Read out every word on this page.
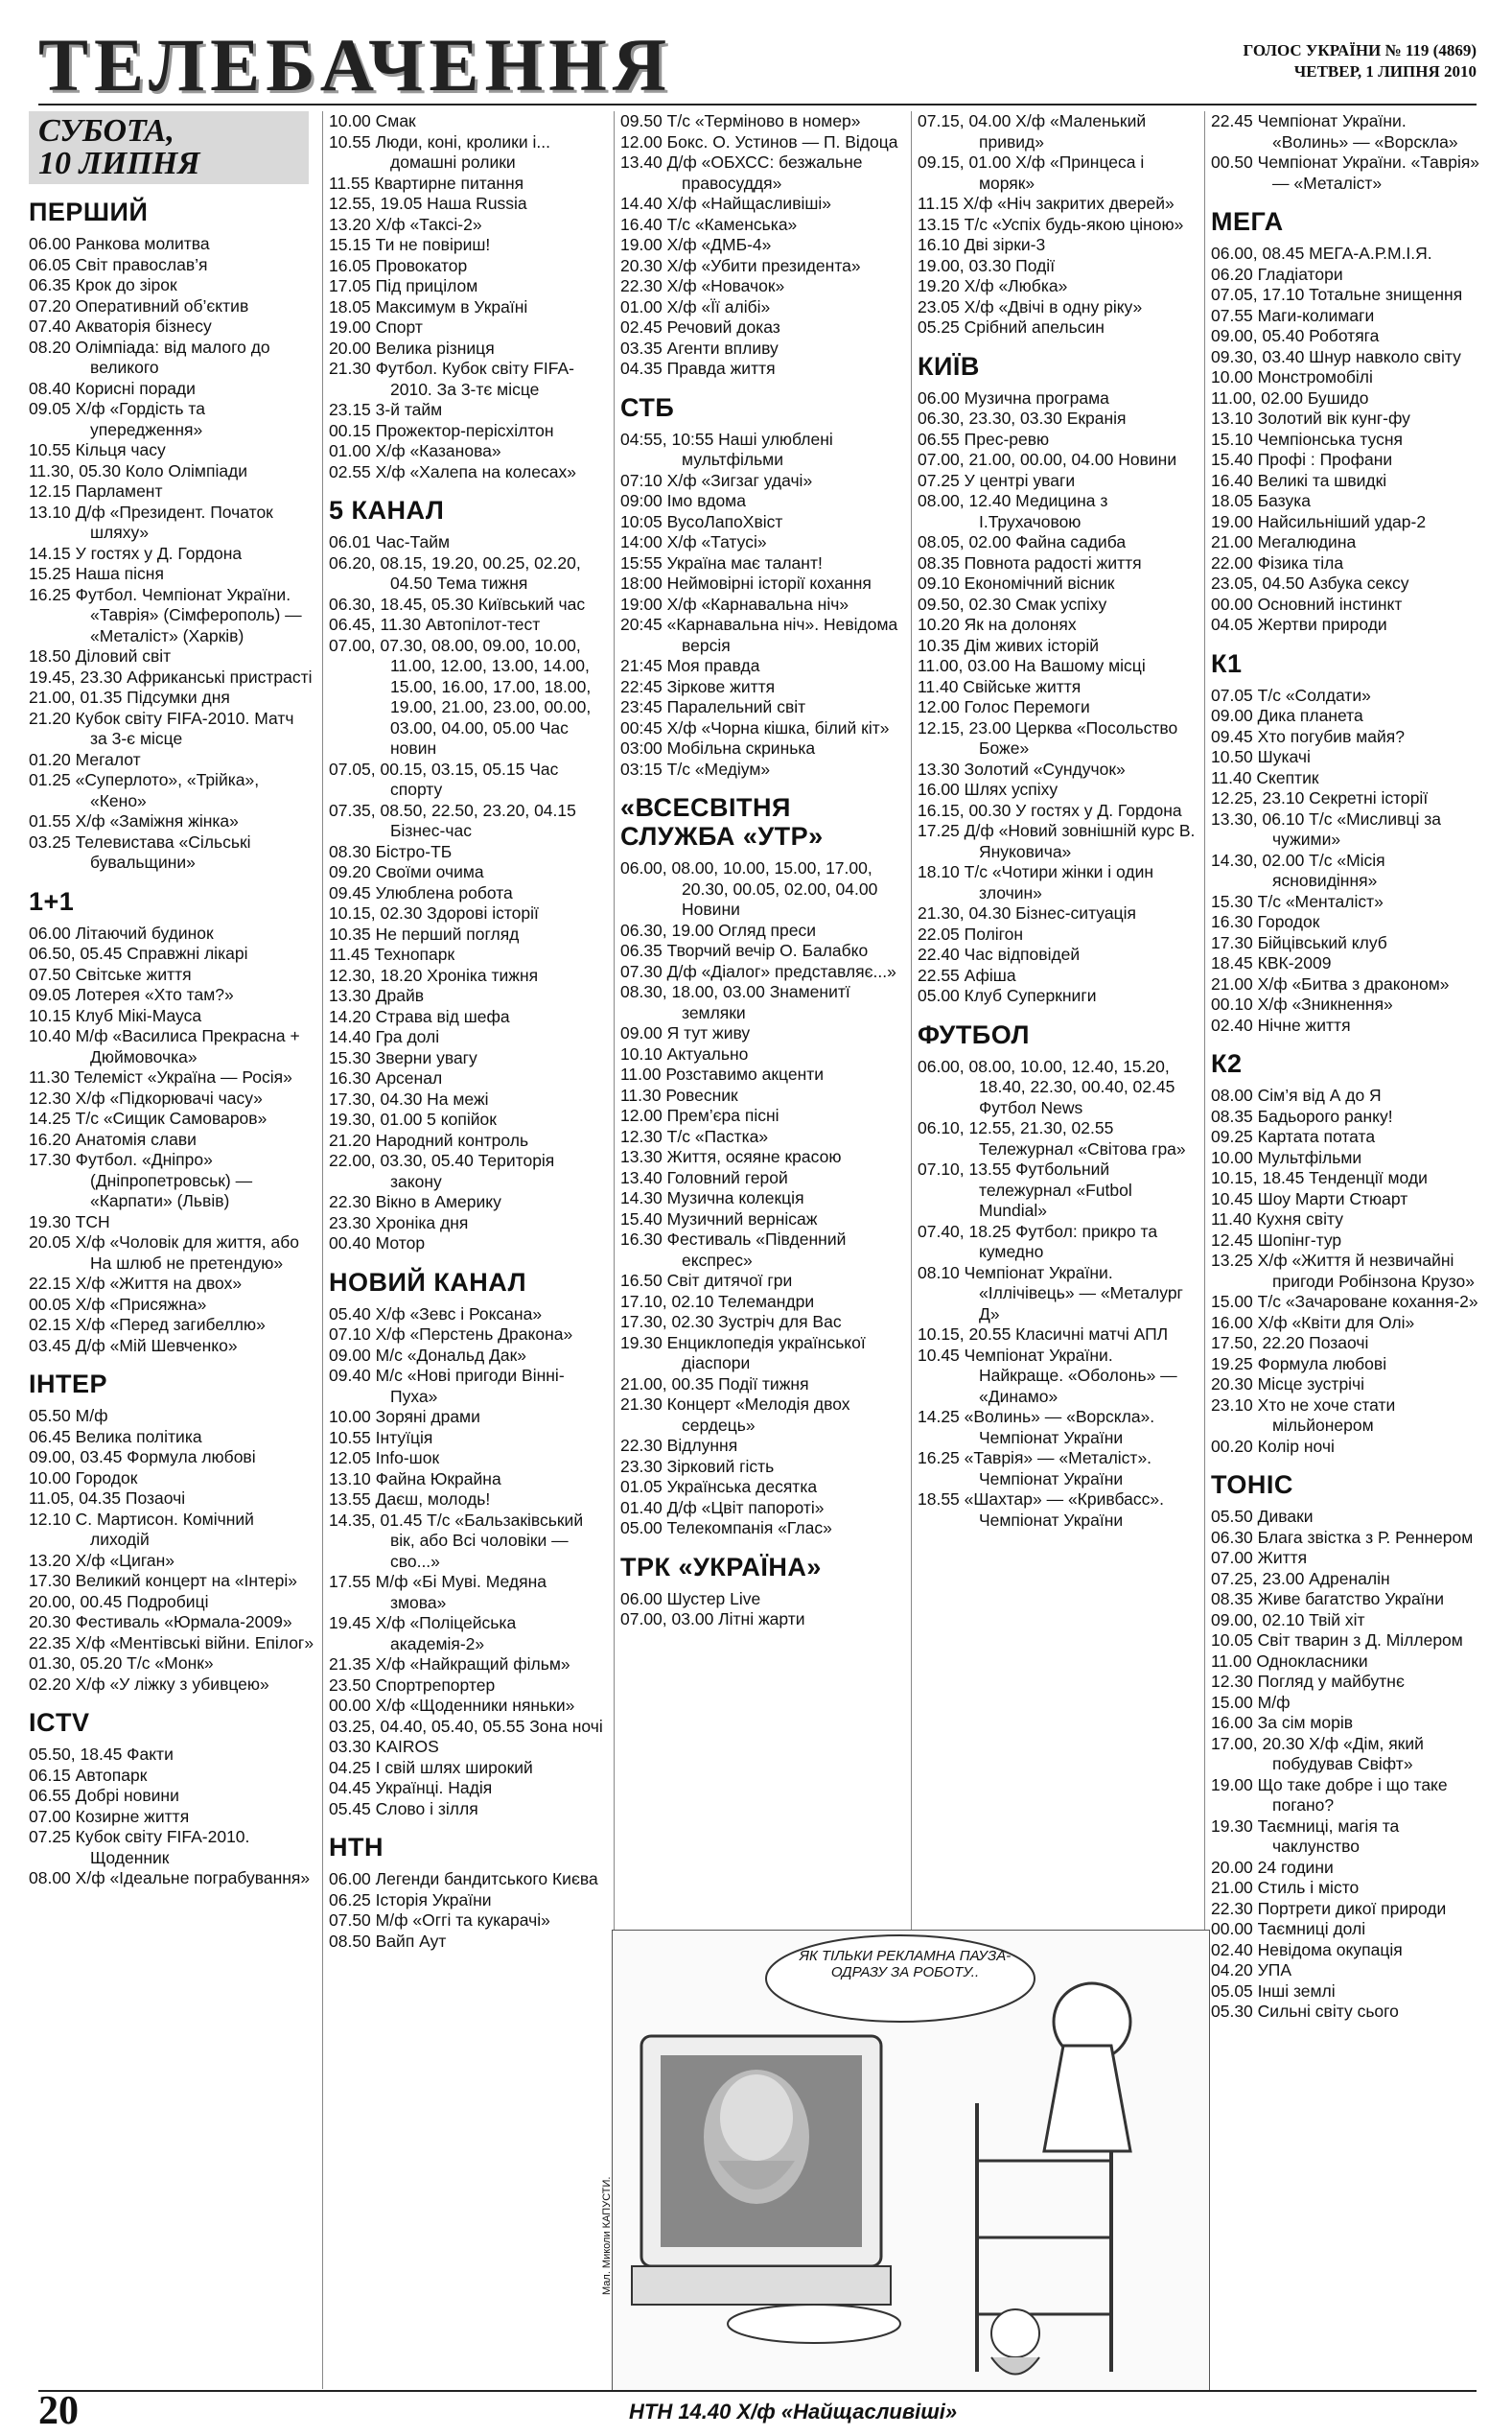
ТЕЛЕБАЧЕННЯ	ГОЛОС УКРАЇНИ № 119 (4869)
ЧЕТВЕР, 1 ЛИПНЯ 2010
СУБОТА,
10 ЛИПНЯ
ПЕРШИЙ
06.00 Ранкова молитва
06.05 Світ православ’я
06.35 Крок до зірок
07.20 Оперативний об’єктив
07.40 Акваторія бізнесу
08.20 Олімпіада: від малого до великого
08.40 Корисні поради
09.05 Х/ф «Гордість та упередження»
10.55 Кільця часу
11.30, 05.30 Коло Олімпіади
12.15 Парламент
13.10 Д/ф «Президент. Початок шляху»
14.15 У гостях у Д. Гордона
15.25 Наша пісня
16.25 Футбол. Чемпіонат України. «Таврія» (Сімферополь) — «Металіст» (Харків)
18.50 Діловий світ
19.45, 23.30 Африканські пристрасті
21.00, 01.35 Підсумки дня
21.20 Кубок світу FIFA-2010. Матч за 3-є місце
01.20 Мегалот
01.25 «Суперлото», «Трійка», «Кено»
01.55 Х/ф «Заміжня жінка»
03.25 Телевистава «Сільські бувальщини»
1+1
06.00 Літаючий будинок
06.50, 05.45 Справжні лікарі
07.50 Світське життя
09.05 Лотерея «Хто там?»
10.15 Клуб Мікі-Мауса
10.40 М/ф «Василиса Прекрасна + Дюймовочка»
11.30 Телеміст «Україна — Росія»
12.30 Х/ф «Підкорювачі часу»
14.25 Т/с «Сищик Самоваров»
16.20 Анатомія слави
17.30 Футбол. «Дніпро» (Дніпропетровськ) — «Карпати» (Львів)
19.30 ТСН
20.05 Х/ф «Чоловік для життя, або На шлюб не претендую»
22.15 Х/ф «Життя на двох»
00.05 Х/ф «Присяжна»
02.15 Х/ф «Перед загибеллю»
03.45 Д/ф «Мій Шевченко»
ІНТЕР
05.50 М/ф
06.45 Велика політика
09.00, 03.45 Формула любові
10.00 Городок
11.05, 04.35 Позаочі
12.10 С. Мартисон. Комічний лиходій
13.20 Х/ф «Циган»
17.30 Великий концерт на «Інтері»
20.00, 00.45 Подробиці
20.30 Фестиваль «Юрмала-2009»
22.35 Х/ф «Ментівські війни. Епілог»
01.30, 05.20 Т/с «Монк»
02.20 Х/ф «У ліжку з убивцею»
ICTV
05.50, 18.45 Факти
06.15 Автопарк
06.55 Добрі новини
07.00 Козирне життя
07.25 Кубок світу FIFA-2010. Щоденник
08.00 Х/ф «Ідеальне пограбування»
10.00 Смак
10.55 Люди, коні, кролики і... домашні ролики
11.55 Квартирне питання
12.55, 19.05 Наша Russia
13.20 Х/ф «Таксі-2»
15.15 Ти не повіриш!
16.05 Провокатор
17.05 Під прицілом
18.05 Максимум в Україні
19.00 Спорт
20.00 Велика різниця
21.30 Футбол. Кубок світу FIFA-2010. За 3-тє місце
23.15 3-й тайм
00.15 Прожектор-перісхілтон
01.00 Х/ф «Казанова»
02.55 Х/ф «Халепа на колесах»
5 КАНАЛ
06.01 Час-Тайм
06.20, 08.15, 19.20, 00.25, 02.20, 04.50 Тема тижня
06.30, 18.45, 05.30 Київський час
06.45, 11.30 Автопілот-тест
07.00, 07.30, 08.00, 09.00, 10.00, 11.00, 12.00, 13.00, 14.00, 15.00, 16.00, 17.00, 18.00, 19.00, 21.00, 23.00, 00.00, 03.00, 04.00, 05.00 Час новин
07.05, 00.15, 03.15, 05.15 Час спорту
07.35, 08.50, 22.50, 23.20, 04.15 Бізнес-час
08.30 Бістро-ТБ
09.20 Своїми очима
09.45 Улюблена робота
10.15, 02.30 Здорові історії
10.35 Не перший погляд
11.45 Технопарк
12.30, 18.20 Хроніка тижня
13.30 Драйв
14.20 Страва від шефа
14.40 Гра долі
15.30 Зверни увагу
16.30 Арсенал
17.30, 04.30 На межі
19.30, 01.00 5 копійок
21.20 Народний контроль
22.00, 03.30, 05.40 Територія закону
22.30 Вікно в Америку
23.30 Хроніка дня
00.40 Мотор
НОВИЙ КАНАЛ
05.40 Х/ф «Зевс і Роксана»
07.10 Х/ф «Перстень Дракона»
09.00 М/с «Дональд Дак»
09.40 М/с «Нові пригоди Вінні-Пуха»
10.00 Зоряні драми
10.55 Інтуїція
12.05 Info-шок
13.10 Файна Юкрайна
13.55 Даєш, молодь!
14.35, 01.45 Т/с «Бальзаківський вік, або Всі чоловіки — сво...»
17.55 М/ф «Бі Муві. Медяна змова»
19.45 Х/ф «Поліцейська академія-2»
21.35 Х/ф «Найкращий фільм»
23.50 Спортрепортер
00.00 Х/ф «Щоденники няньки»
03.25, 04.40, 05.40, 05.55 Зона ночі
03.30 KAIROS
04.25 І свій шлях широкий
04.45 Українці. Надія
05.45 Слово і зілля
НТН
06.00 Легенди бандитського Києва
06.25 Історія України
07.50 М/ф «Оггі та кукарачі»
08.50 Вайп Аут
09.50 Т/с «Терміново в номер»
12.00 Бокс. О. Устинов — П. Відоца
13.40 Д/ф «ОБХСС: безжальне правосуддя»
14.40 Х/ф «Найщасливіші»
16.40 Т/с «Каменська»
19.00 Х/ф «ДМБ-4»
20.30 Х/ф «Убити президента»
22.30 Х/ф «Новачок»
01.00 Х/ф «Її алібі»
02.45 Речовий доказ
03.35 Агенти впливу
04.35 Правда життя
СТБ
04:55, 10:55 Наші улюблені мультфільми
07:10 Х/ф «Зигзаг удачі»
09:00 Імо вдома
10:05 ВусоЛапоХвіст
14:00 Х/ф «Татусі»
15:55 Україна має талант!
18:00 Неймовірні історії кохання
19:00 Х/ф «Карнавальна ніч»
20:45 «Карнавальна ніч». Невідома версія
21:45 Моя правда
22:45 Зіркове життя
23:45 Паралельний світ
00:45 Х/ф «Чорна кішка, білий кіт»
03:00 Мобільна скринька
03:15 Т/с «Медіум»
«ВСЕСВІТНЯ СЛУЖБА «УТР»
06.00, 08.00, 10.00, 15.00, 17.00, 20.30, 00.05, 02.00, 04.00 Новини
06.30, 19.00 Огляд преси
06.35 Творчий вечір О. Балабко
07.30 Д/ф «Діалог» представляє...»
08.30, 18.00, 03.00 Знаменитї земляки
09.00 Я тут живу
10.10 Актуально
11.00 Розставимо акценти
11.30 Ровесник
12.00 Прем’єра пісні
12.30 Т/с «Пастка»
13.30 Життя, осяяне красою
13.40 Головний герой
14.30 Музична колекція
15.40 Музичний вернісаж
16.30 Фестиваль «Південний експрес»
16.50 Світ дитячої гри
17.10, 02.10 Телемандри
17.30, 02.30 Зустріч для Вас
19.30 Енциклопедія української діаспори
21.00, 00.35 Події тижня
21.30 Концерт «Мелодія двох сердець»
22.30 Відлуння
23.30 Зірковий гість
01.05 Українська десятка
01.40 Д/ф «Цвіт папороті»
05.00 Телекомпанія «Глас»
ТРК «УКРАЇНА»
06.00 Шустер Live
07.00, 03.00 Літні жарти
07.15, 04.00 Х/ф «Маленький привид»
09.15, 01.00 Х/ф «Принцеса і моряк»
11.15 Х/ф «Ніч закритих дверей»
13.15 Т/с «Успіх будь-якою ціною»
16.10 Дві зірки-3
19.00, 03.30 Події
19.20 Х/ф «Любка»
23.05 Х/ф «Двічі в одну ріку»
05.25 Срібний апельсин
КИЇВ
06.00 Музична програма
06.30, 23.30, 03.30 Екранія
06.55 Прес-ревю
07.00, 21.00, 00.00, 04.00 Новини
07.25 У центрі уваги
08.00, 12.40 Медицина з І.Трухачовою
08.05, 02.00 Файна садиба
08.35 Повнота радості життя
09.10 Економічний вісник
09.50, 02.30 Смак успіху
10.20 Як на долонях
10.35 Дім живих історій
11.00, 03.00 На Вашому місці
11.40 Свійське життя
12.00 Голос Перемоги
12.15, 23.00 Церква «Посольство Боже»
13.30 Золотий «Сундучок»
16.00 Шлях успіху
16.15, 00.30 У гостях у Д. Гордона
17.25 Д/ф «Новий зовнішній курс В. Януковича»
18.10 Т/с «Чотири жінки і один злочин»
21.30, 04.30 Бізнес-ситуація
22.05 Полігон
22.40 Час відповідей
22.55 Афіша
05.00 Клуб Суперкниги
ФУТБОЛ
06.00, 08.00, 10.00, 12.40, 15.20, 18.40, 22.30, 00.40, 02.45 Футбол News
06.10, 12.55, 21.30, 02.55 Тележурнал «Світова гра»
07.10, 13.55 Футбольний тележурнал «Futbol Mundial»
07.40, 18.25 Футбол: прикро та кумедно
08.10 Чемпіонат України. «Іллічівець» — «Металург Д»
10.15, 20.55 Класичні матчі АПЛ
10.45 Чемпіонат України. Найкраще. «Оболонь» — «Динамо»
14.25 «Волинь» — «Ворскла». Чемпіонат України
16.25 «Таврія» — «Металіст». Чемпіонат України
18.55 «Шахтар» — «Кривбасс». Чемпіонат України
22.45 Чемпіонат України. «Волинь» — «Ворскла»
00.50 Чемпіонат України. «Таврія» — «Металіст»
МЕГА
06.00, 08.45 МЕГА-А.Р.М.І.Я.
06.20 Гладіатори
07.05, 17.10 Тотальне знищення
07.55 Маги-колимаги
09.00, 05.40 Роботяга
09.30, 03.40 Шнур навколо світу
10.00 Монстромобілі
11.00, 02.00 Бушидо
13.10 Золотий вік кунг-фу
15.10 Чемпіонська тусня
15.40 Профі : Профани
16.40 Великі та швидкі
18.05 Базука
19.00 Найсильніший удар-2
21.00 Мегалюдина
22.00 Фізика тіла
23.05, 04.50 Азбука сексу
00.00 Основний інстинкт
04.05 Жертви природи
К1
07.05 Т/с «Солдати»
09.00 Дика планета
09.45 Хто погубив майя?
10.50 Шукачі
11.40 Скептик
12.25, 23.10 Секретні історії
13.30, 06.10 Т/с «Мисливці за чужими»
14.30, 02.00 Т/с «Місія ясновидіння»
15.30 Т/с «Менталіст»
16.30 Городок
17.30 Бійцівський клуб
18.45 КВК-2009
21.00 Х/ф «Битва з драконом»
00.10 Х/ф «Зникнення»
02.40 Нічне життя
К2
08.00 Сім’я від А до Я
08.35 Бадьорого ранку!
09.25 Картата потата
10.00 Мультфільми
10.15, 18.45 Тенденції моди
10.45 Шоу Марти Стюарт
11.40 Кухня світу
12.45 Шопінг-тур
13.25 Х/ф «Життя й незвичайні пригоди Робінзона Крузо»
15.00 Т/с «Зачароване кохання-2»
16.00 Х/ф «Квіти для Олі»
17.50, 22.20 Позаочі
19.25 Формула любові
20.30 Місце зустрічі
23.10 Хто не хоче стати мільйонером
00.20 Колір ночі
ТОНІС
05.50 Диваки
06.30 Блага звістка з Р. Реннером
07.00 Життя
07.25, 23.00 Адреналін
08.35 Живе багатство України
09.00, 02.10 Твій хіт
10.05 Світ тварин з Д. Міллером
11.00 Однокласники
12.30 Погляд у майбутнє
15.00 М/ф
16.00 За сім морів
17.00, 20.30 Х/ф «Дім, який побудував Свіфт»
19.00 Що таке добре і що таке погано?
19.30 Таємниці, магія та чаклунство
20.00 24 години
21.00 Стиль і місто
22.30 Портрети дикої природи
00.00 Таємниці долі
02.40 Невідома окупація
04.20 УПА
05.05 Інші землі
05.30 Сильні світу сього
ЯК ТІЛЬКИ РЕКЛАМНА ПАУЗА- ОДРАЗУ ЗА РОБОТУ..
Мал. Миколи КАПУСТИ.
20	НТН 14.40 Х/ф «Найщасливіші»
